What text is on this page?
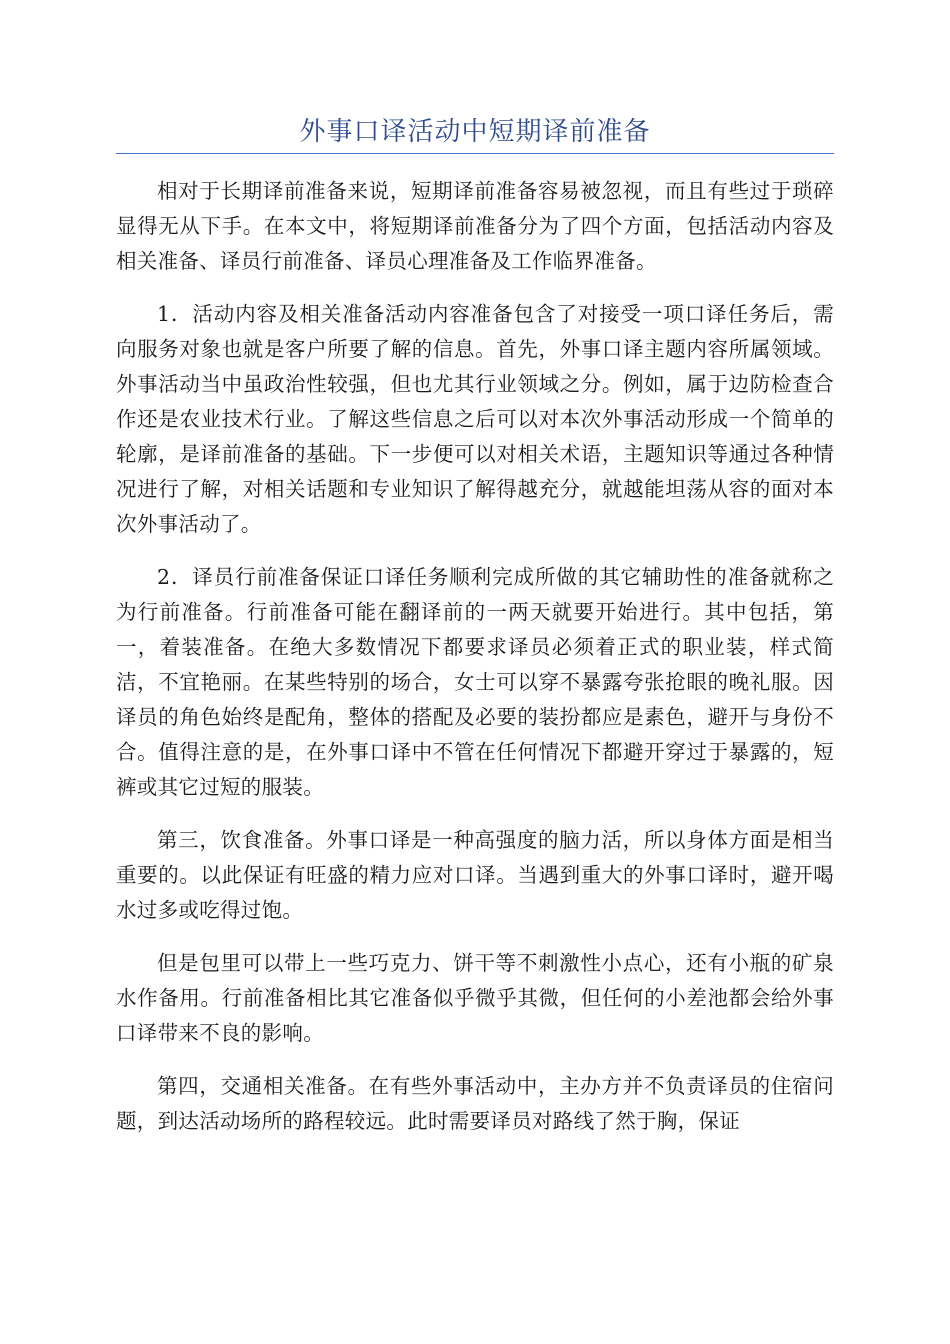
外事口译活动中短期译前准备

相对于长期译前准备来说，短期译前准备容易被忽视，而且有些过于琐碎显得无从下手。在本文中，将短期译前准备分为了四个方面，包括活动内容及相关准备、译员行前准备、译员心理准备及工作临界准备。

1．活动内容及相关准备活动内容准备包含了对接受一项口译任务后，需向服务对象也就是客户所要了解的信息。首先，外事口译主题内容所属领域。外事活动当中虽政治性较强，但也尤其行业领域之分。例如，属于边防检查合作还是农业技术行业。了解这些信息之后可以对本次外事活动形成一个简单的轮廓，是译前准备的基础。下一步便可以对相关术语，主题知识等通过各种情况进行了解，对相关话题和专业知识了解得越充分，就越能坦荡从容的面对本次外事活动了。

2．译员行前准备保证口译任务顺利完成所做的其它辅助性的准备就称之为行前准备。行前准备可能在翻译前的一两天就要开始进行。其中包括，第一，着装准备。在绝大多数情况下都要求译员必须着正式的职业装，样式简洁，不宜艳丽。在某些特别的场合，女士可以穿不暴露夸张抢眼的晚礼服。因译员的角色始终是配角，整体的搭配及必要的装扮都应是素色，避开与身份不合。值得注意的是，在外事口译中不管在任何情况下都避开穿过于暴露的，短裤或其它过短的服装。

第三，饮食准备。外事口译是一种高强度的脑力活，所以身体方面是相当重要的。以此保证有旺盛的精力应对口译。当遇到重大的外事口译时，避开喝水过多或吃得过饱。

但是包里可以带上一些巧克力、饼干等不刺激性小点心，还有小瓶的矿泉水作备用。行前准备相比其它准备似乎微乎其微，但任何的小差池都会给外事口译带来不良的影响。

第四，交通相关准备。在有些外事活动中，主办方并不负责译员的住宿问题，到达活动场所的路程较远。此时需要译员对路线了然于胸，保证
